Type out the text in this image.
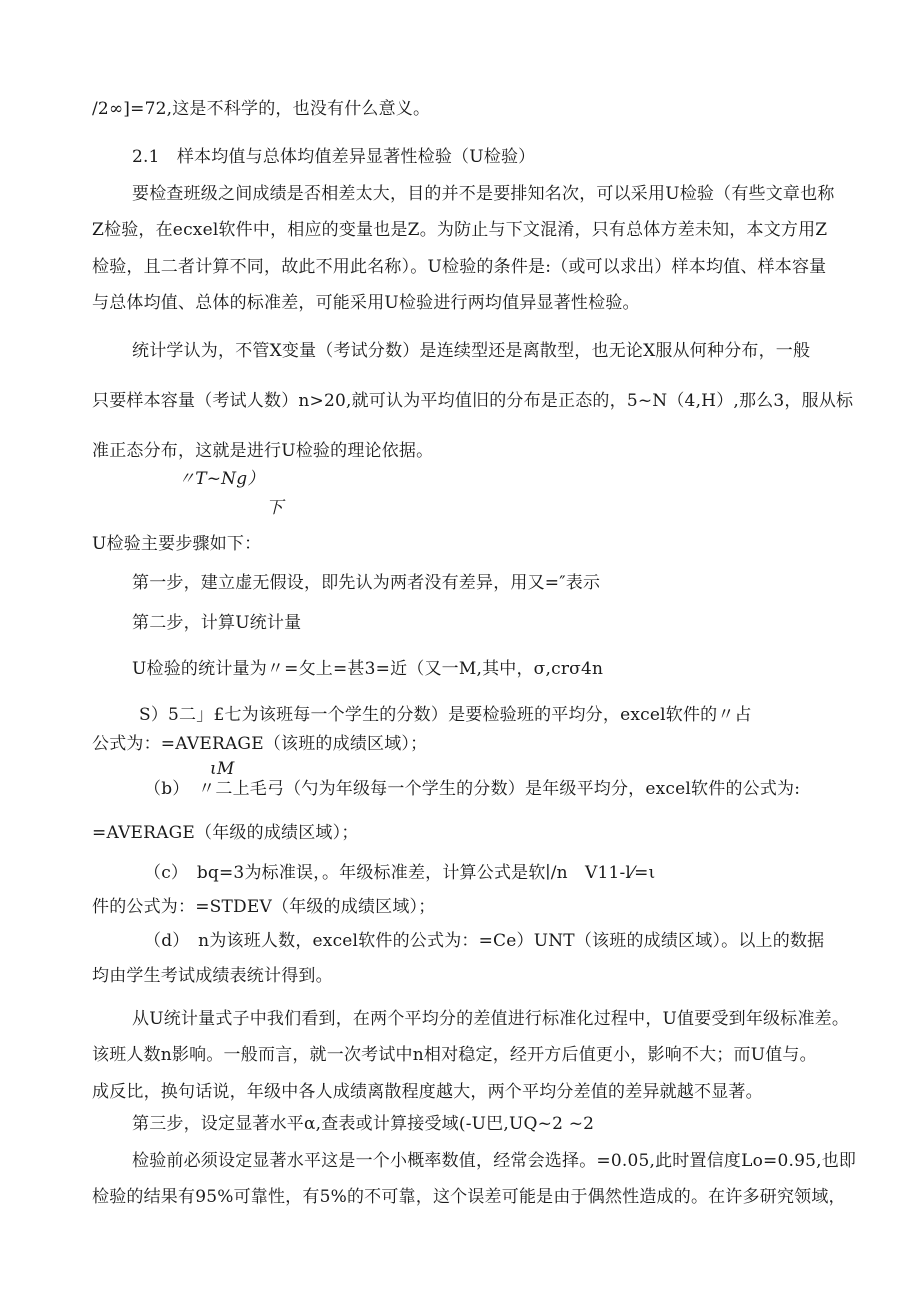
/2∞]=72,这是不科学的，也没有什么意义。
2.1　样本均值与总体均值差异显著性检验（U检验）
要检查班级之间成绩是否相差太大，目的并不是要排知名次，可以采用U检验（有些文章也称
Z检验，在ecxel软件中，相应的变量也是Z。为防止与下文混淆，只有总体方差未知，本文方用Z
检验，且二者计算不同，故此不用此名称）。U检验的条件是:（或可以求出）样本均值、样本容量
与总体均值、总体的标准差，可能采用U检验进行两均值异显著性检验。
统计学认为，不管X变量（考试分数）是连续型还是离散型，也无论X服从何种分布，一般
只要样本容量（考试人数）n>20,就可认为平均值旧的分布是正态的，5~N（4,H）,那么3，服从标
准正态分布，这就是进行U检验的理论依据。
〃T~Ng）
下
U检验主要步骤如下：
第一步，建立虚无假设，即先认为两者没有差异，用又=″表示
第二步，计算U统计量
U检验的统计量为〃=攵上=甚3=近（又一M,其中，σ,crσ4n
S）5二」£七为该班每一个学生的分数）是要检验班的平均分，excel软件的〃占
公式为：=AVERAGE（该班的成绩区域）；
ιM
（b）　〃二上毛弓（勺为年级每一个学生的分数）是年级平均分，excel软件的公式为:
=AVERAGE（年级的成绩区域）；
（c）　bq=3为标准误，。年级标准差，计算公式是软∣/n　V11-l⁄=ι
件的公式为：=STDEV（年级的成绩区域）；
（d）　n为该班人数，excel软件的公式为：=Ce）UNT（该班的成绩区域）。以上的数据
均由学生考试成绩表统计得到。
从U统计量式子中我们看到，在两个平均分的差值进行标准化过程中，U值要受到年级标准差。
该班人数n影响。一般而言，就一次考试中n相对稳定，经开方后值更小，影响不大；而U值与。
成反比，换句话说，年级中各人成绩离散程度越大，两个平均分差值的差异就越不显著。
第三步，设定显著水平α,查表或计算接受域(-U巴,UQ~2 ~2
检验前必须设定显著水平这是一个小概率数值，经常会选择。=0.05,此时置信度Lo=0.95,也即
检验的结果有95%可靠性，有5%的不可靠，这个误差可能是由于偶然性造成的。在许多研究领域，
